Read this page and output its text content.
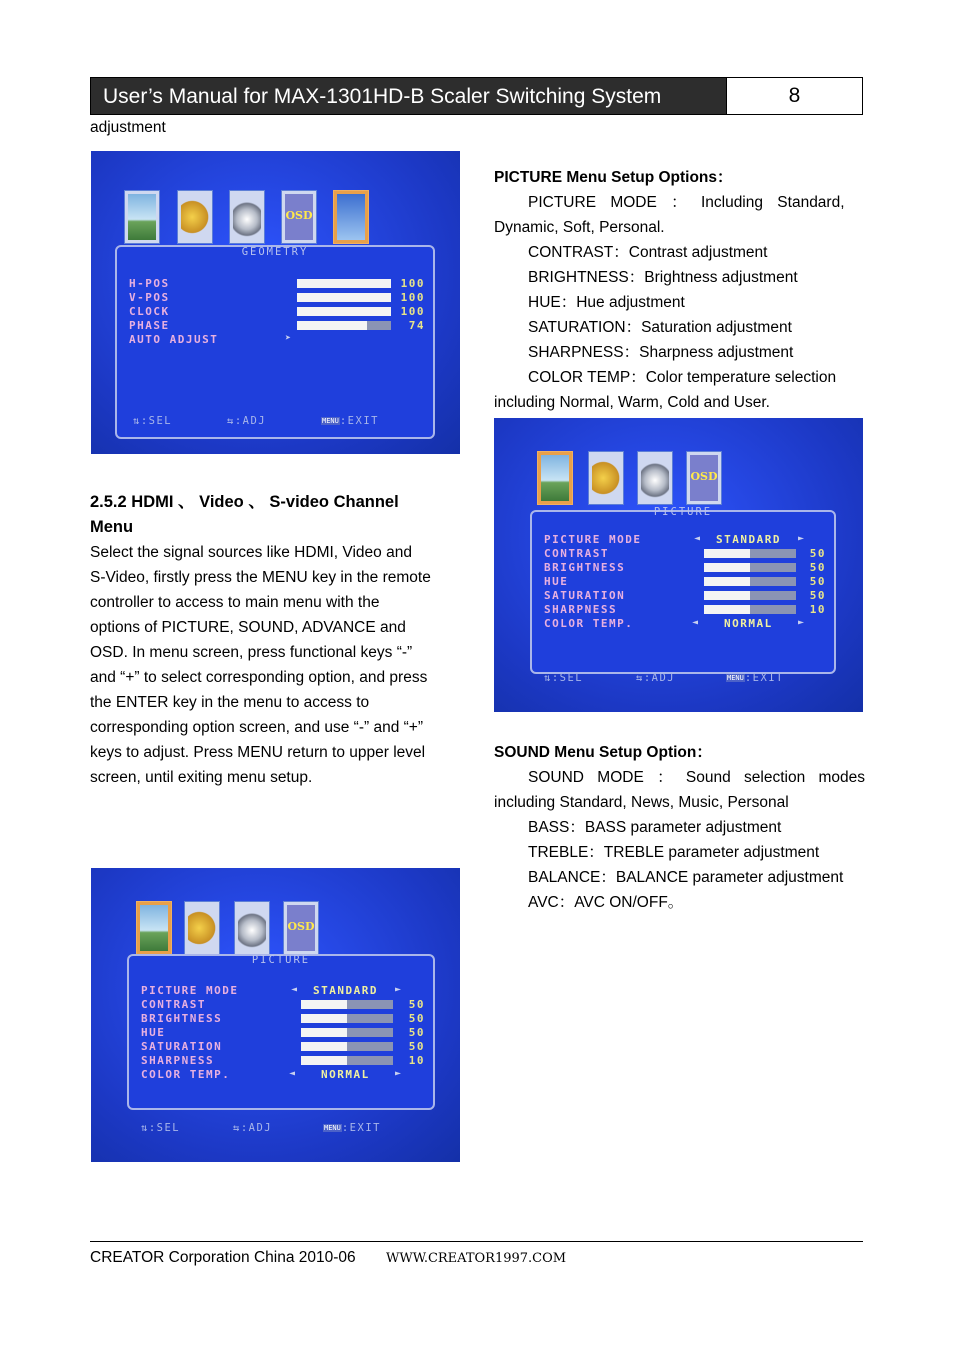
User’s Manual for MAX-1301HD-B Scaler Switching System	8
adjustment
OSD
GEOMETRY
H-POS	100
V-POS	100
CLOCK	100
PHASE	74
AUTO ADJUST	➤
⇅:SEL	⇆:ADJ	MENU:EXIT
2.5.2 HDMI 、 Video 、 S-video Channel
Menu
Select the signal sources like HDMI, Video and
S-Video, firstly press the MENU key in the remote
controller to access to main menu with the
options of PICTURE, SOUND, ADVANCE and
OSD. In menu screen, press functional keys “-”
and “+” to select corresponding option, and press
the ENTER key in the menu to access to
corresponding option screen, and use “-” and “+”
keys to adjust. Press MENU return to upper level
screen, until exiting menu setup.
OSD
PICTURE
PICTURE MODE	◄ STANDARD ►
CONTRAST	50
BRIGHTNESS	50
HUE	50
SATURATION	50
SHARPNESS	10
COLOR TEMP.	◄ NORMAL	►
⇅:SEL	⇆:ADJ	MENU:EXIT
PICTURE Menu Setup Options：
PICTURE MODE ： Including Standard,
Dynamic, Soft, Personal.
CONTRAST：Contrast adjustment
BRIGHTNESS：Brightness adjustment
HUE：Hue adjustment
SATURATION：Saturation adjustment
SHARPNESS：Sharpness adjustment
COLOR TEMP：Color temperature selection
including Normal, Warm, Cold and User.
OSD
PICTURE
PICTURE MODE	◄ STANDARD ►
CONTRAST	50
BRIGHTNESS	50
HUE	50
SATURATION	50
SHARPNESS	10
COLOR TEMP.	◄ NORMAL	►
⇅:SEL	⇆:ADJ	MENU:EXIT
SOUND Menu Setup Option：
SOUND MODE ： Sound selection modes
including Standard, News, Music, Personal
BASS：BASS parameter adjustment
TREBLE：TREBLE parameter adjustment
BALANCE：BALANCE parameter adjustment
AVC：AVC ON/OFF。
CREATOR Corporation China 2010-06 WWW.CREATOR1997.COM
